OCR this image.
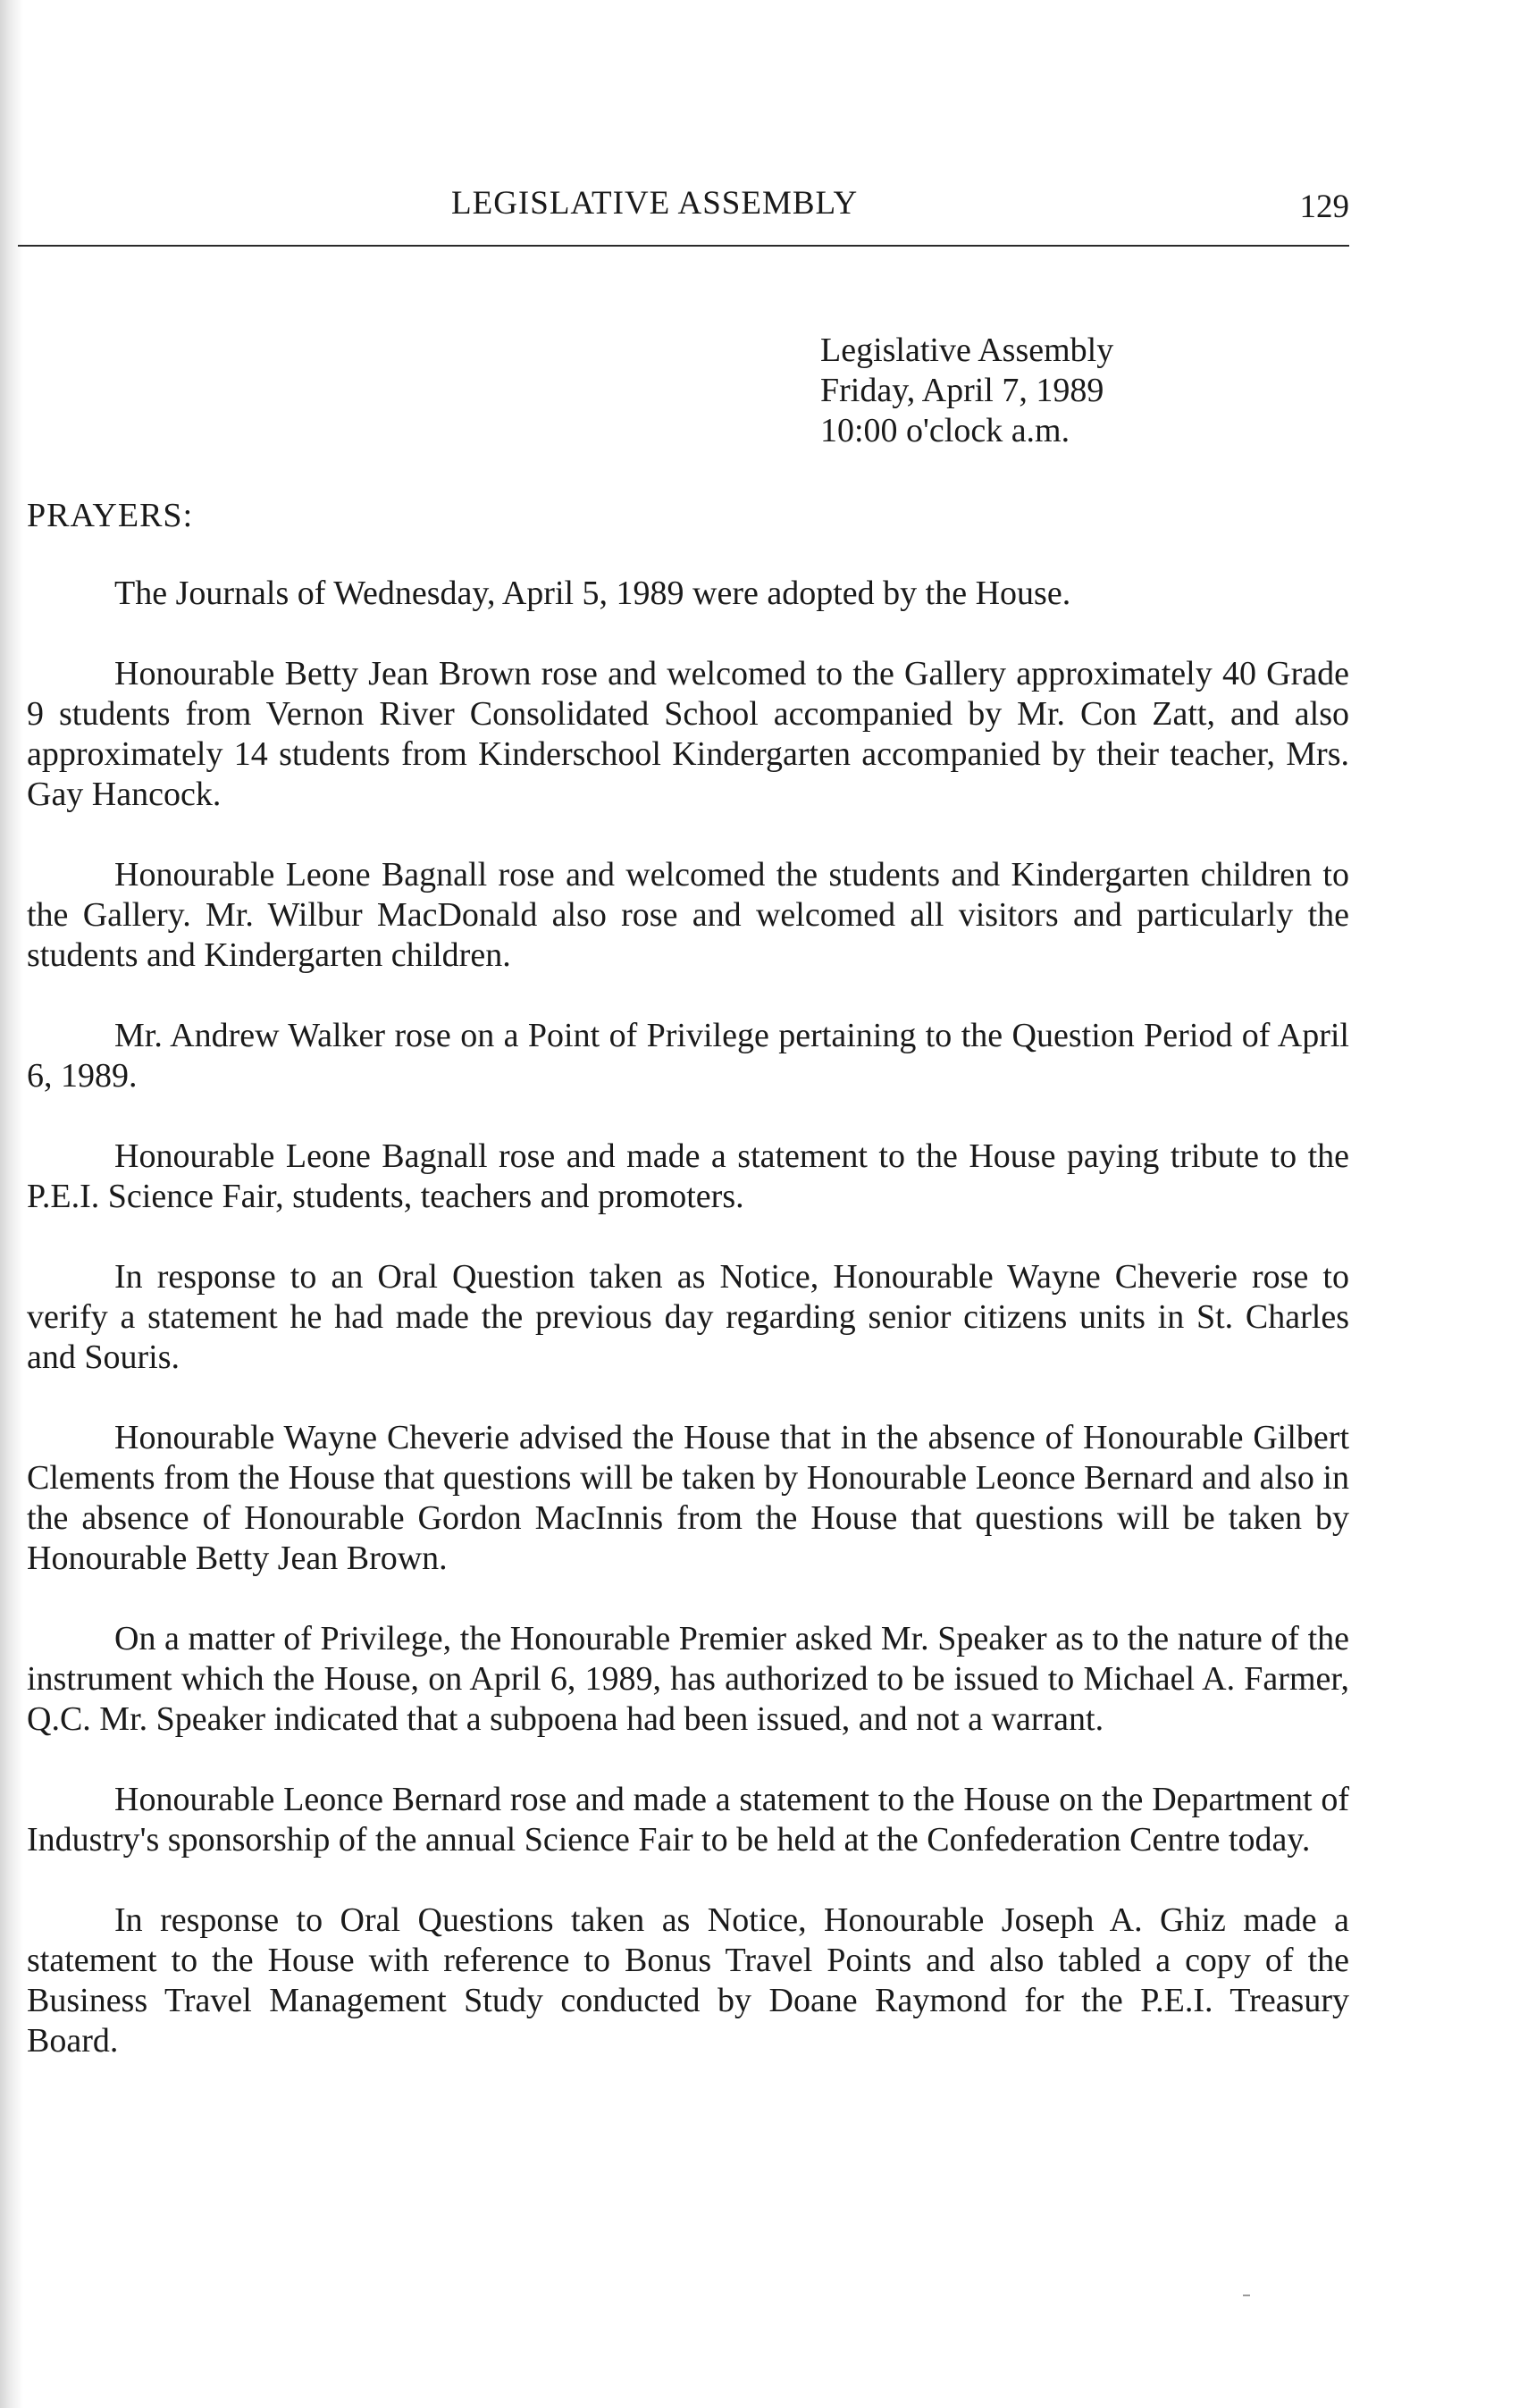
LEGISLATIVE ASSEMBLY	129
Legislative Assembly
Friday, April 7, 1989
10:00 o'clock a.m.
PRAYERS:

The Journals of Wednesday, April 5, 1989 were adopted by the House.

Honourable Betty Jean Brown rose and welcomed to the Gallery approximately 40 Grade 9 students from Vernon River Consolidated School accompanied by Mr. Con Zatt, and also approximately 14 students from Kinderschool Kindergarten accompanied by their teacher, Mrs. Gay Hancock.

Honourable Leone Bagnall rose and welcomed the students and Kindergarten children to the Gallery. Mr. Wilbur MacDonald also rose and welcomed all visitors and particularly the students and Kindergarten children.

Mr. Andrew Walker rose on a Point of Privilege pertaining to the Question Period of April 6, 1989.

Honourable Leone Bagnall rose and made a statement to the House paying tribute to the P.E.I. Science Fair, students, teachers and promoters.

In response to an Oral Question taken as Notice, Honourable Wayne Cheverie rose to verify a statement he had made the previous day regarding senior citizens units in St. Charles and Souris.

Honourable Wayne Cheverie advised the House that in the absence of Honourable Gilbert Clements from the House that questions will be taken by Honourable Leonce Bernard and also in the absence of Honourable Gordon MacInnis from the House that questions will be taken by Honourable Betty Jean Brown.

On a matter of Privilege, the Honourable Premier asked Mr. Speaker as to the nature of the instrument which the House, on April 6, 1989, has authorized to be issued to Michael A. Farmer, Q.C. Mr. Speaker indicated that a subpoena had been issued, and not a warrant.

Honourable Leonce Bernard rose and made a statement to the House on the Department of Industry's sponsorship of the annual Science Fair to be held at the Confederation Centre today.

In response to Oral Questions taken as Notice, Honourable Joseph A. Ghiz made a statement to the House with reference to Bonus Travel Points and also tabled a copy of the Business Travel Management Study conducted by Doane Raymond for the P.E.I. Treasury Board.
